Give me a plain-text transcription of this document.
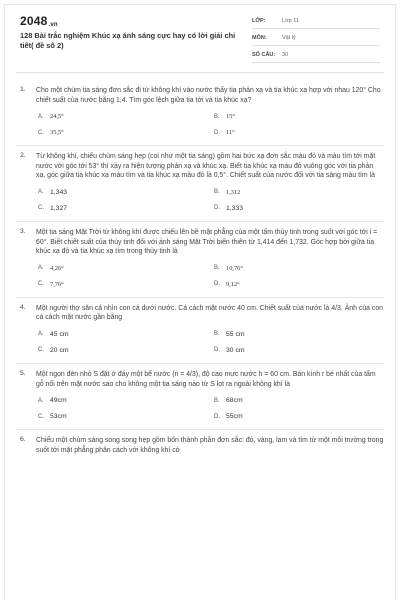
$2048_{.vn}$
128 Bài trắc nghiệm Khúc xạ ánh sáng cực hay có lời giải chi tiết( đề số 2)
LỚP:	Lớp 11
MÔN:	Vật lý
SỐ CÂU:	30
1. Cho một chùm tia sáng đơn sắc đi từ không khí vào nước thấy tia phản xạ và tia khúc xạ hợp với nhau 120° Cho chiết suất của nước bằng 1,4. Tìm góc lệch giữa tia tới và tia khúc xạ?
A. 24,5°	B. 15°
C. 35,5°	D. 11°
2. Từ không khí, chiếu chùm sáng hẹp (coi như một tia sáng) gồm hai bức xạ đơn sắc màu đỏ và màu tím tới mặt nước với góc tới 53° thì xảy ra hiện tượng phản xạ và khúc xạ. Biết tia khúc xạ màu đỏ vuông góc với tia phản xạ, góc giữa tia khúc xạ màu tím và tia khúc xạ màu đỏ là 0,5°. Chiết suất của nước đối với tia sáng màu tím là
A. 1,343	B. 1,312
C. 1,327	D. 1,333
3. Một tia sáng Mặt Trời từ không khí được chiếu lên bề mặt phẳng của một tấm thủy tinh trong suốt với góc tới i = 60°. Biết chiết suất của thủy tinh đối với ánh sáng Mặt Trời biến thiên từ 1,414 đến 1,732. Góc hợp bởi giữa tia khúc xạ đỏ và tia khúc xạ tím trong thủy tinh là
A. 4,26°	B. 10,76°
C. 7,76°	D. 9,12°
4. Một người thợ săn cá nhìn con cá dưới nước. Cá cách mặt nước 40 cm. Chiết suất của nước là 4/3. Ảnh của con cá cách mặt nước gần bằng
A. 45 cm	B. 55 cm
C. 20 cm	D. 30 cm
5. Một ngọn đèn nhỏ S đặt ở đáy một bể nước (n = 4/3), độ cao mực nước h = 60 cm. Bán kính r bé nhất của tấm gỗ nổi trên mặt nước sao cho không một tia sáng nào từ S lọt ra ngoài không khí là
A. 49cm	B. 68cm
C. 53cm	D. 55cm
6. Chiếu một chùm sáng song song hẹp gồm bốn thành phần đơn sắc: đỏ, vàng, lam và tím từ một môi trường trong suốt tới mặt phẳng phân cách với không khí có
